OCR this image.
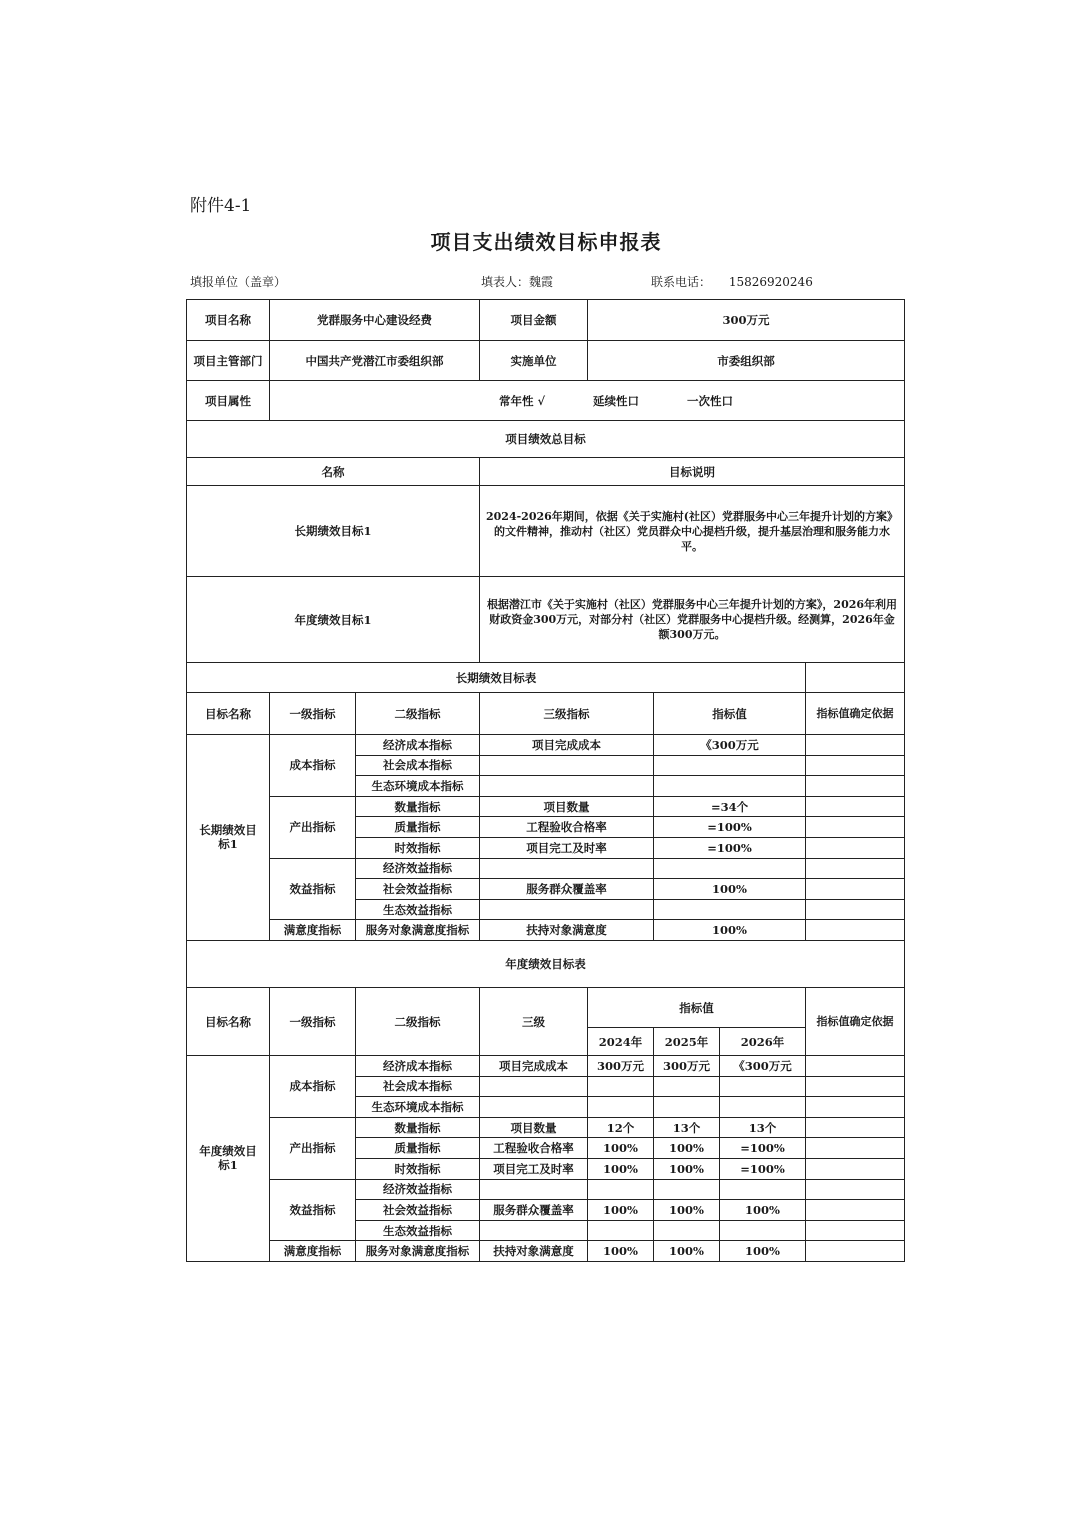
附件4-1
项目支出绩效目标申报表
填报单位（盖章）	填表人：魏霞	联系电话： 15826920246
项目名称	党群服务中心建设经费	项目金额	300万元
项目主管部门	中国共产党潜江市委组织部	实施单位	市委组织部
项目属性	常年性 √ 延续性口 一次性口		
项目绩效总目标			
名称		目标说明	
长期绩效目标1		2024-2026年期间，依据《关于实施村(社区）党群服务中心三年提升计划的方案》的文件精神，推动村（社区）党员群众中心提档升级，提升基层治理和服务能力水平。	
年度绩效目标1		根据潜江市《关于实施村（社区）党群服务中心三年提升计划的方案》，2026年利用财政资金300万元，对部分村（社区）党群服务中心提档升级。经测算，2026年金额300万元。	
长期绩效目标表					
目标名称	一级指标	二级指标	三级指标	指标值	指标值确定依据
长期绩效目标1	成本指标	经济成本指标	项目完成成本	《300万元	
		社会成本指标			
		生态环境成本指标			
	产出指标	数量指标	项目数量	=34个	
		质量指标	工程验收合格率	=100%	
		时效指标	项目完工及时率	=100%	
	效益指标	经济效益指标			
		社会效益指标	服务群众覆盖率	100%	
		生态效益指标			
	满意度指标	服务对象满意度指标	扶持对象满意度	100%	
年度绩效目标表							
目标名称	一级指标	二级指标	三级	指标值			指标值确定依据
				2024年	2025年	2026年	
年度绩效目标1	成本指标	经济成本指标	项目完成成本	300万元	300万元	《300万元	
		社会成本指标					
		生态环境成本指标					
	产出指标	数量指标	项目数量	12个	13个	13个	
		质量指标	工程验收合格率	100%	100%	=100%	
		时效指标	项目完工及时率	100%	100%	=100%	
	效益指标	经济效益指标					
		社会效益指标	服务群众覆盖率	100%	100%	100%	
		生态效益指标					
	满意度指标	服务对象满意度指标	扶持对象满意度	100%	100%	100%	
